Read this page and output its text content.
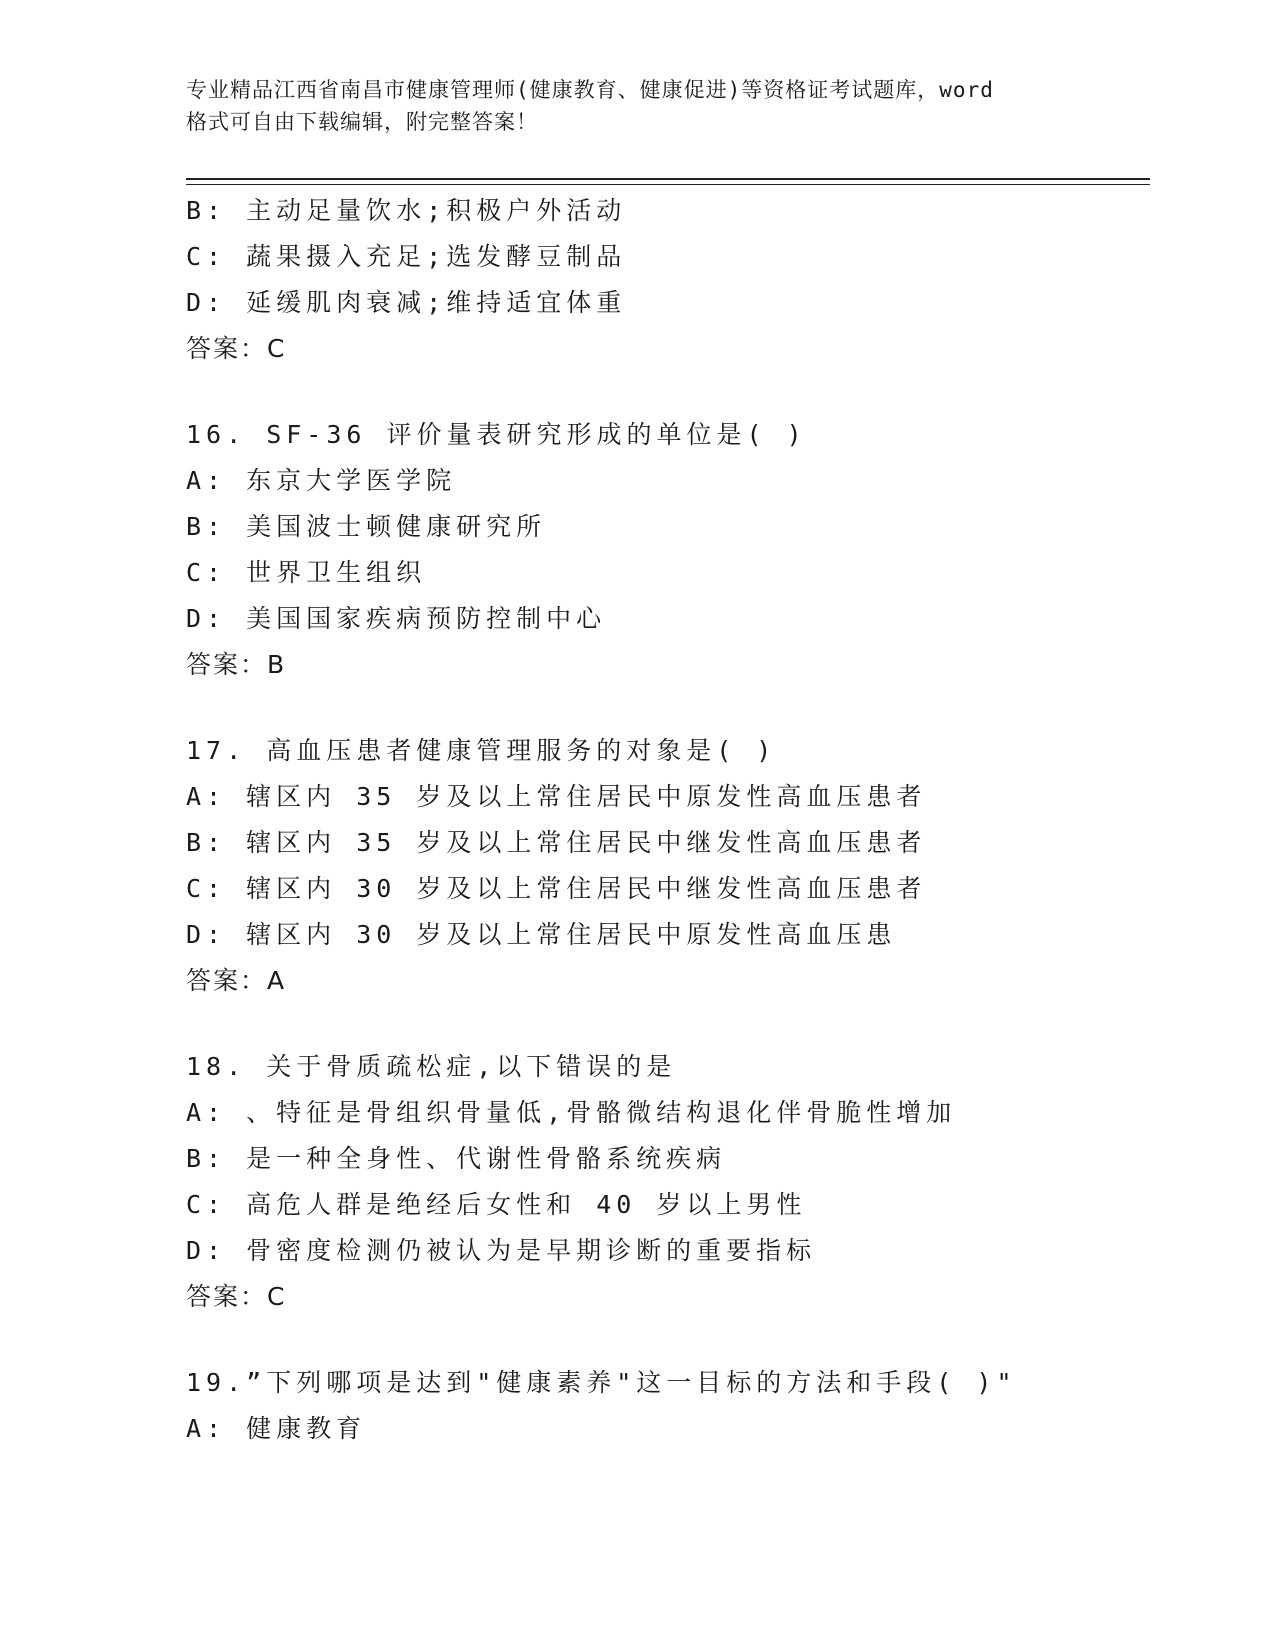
专业精品江西省南昌市健康管理师(健康教育、健康促进)等资格证考试题库，word
格式可自由下载编辑，附完整答案！
B: 主动足量饮水;积极户外活动
C: 蔬果摄入充足;选发酵豆制品
D: 延缓肌肉衰减;维持适宜体重
答案：C
16. SF-36 评价量表研究形成的单位是( )
A: 东京大学医学院
B: 美国波士顿健康研究所
C: 世界卫生组织
D: 美国国家疾病预防控制中心
答案：B
17. 高血压患者健康管理服务的对象是( )
A: 辖区内 35 岁及以上常住居民中原发性高血压患者
B: 辖区内 35 岁及以上常住居民中继发性高血压患者
C: 辖区内 30 岁及以上常住居民中继发性高血压患者
D: 辖区内 30 岁及以上常住居民中原发性高血压患
答案：A
18. 关于骨质疏松症,以下错误的是
A: 、特征是骨组织骨量低,骨骼微结构退化伴骨脆性增加
B: 是一种全身性、代谢性骨骼系统疾病
C: 高危人群是绝经后女性和 40 岁以上男性
D: 骨密度检测仍被认为是早期诊断的重要指标
答案：C
19.”下列哪项是达到"健康素养"这一目标的方法和手段( )"
A: 健康教育
